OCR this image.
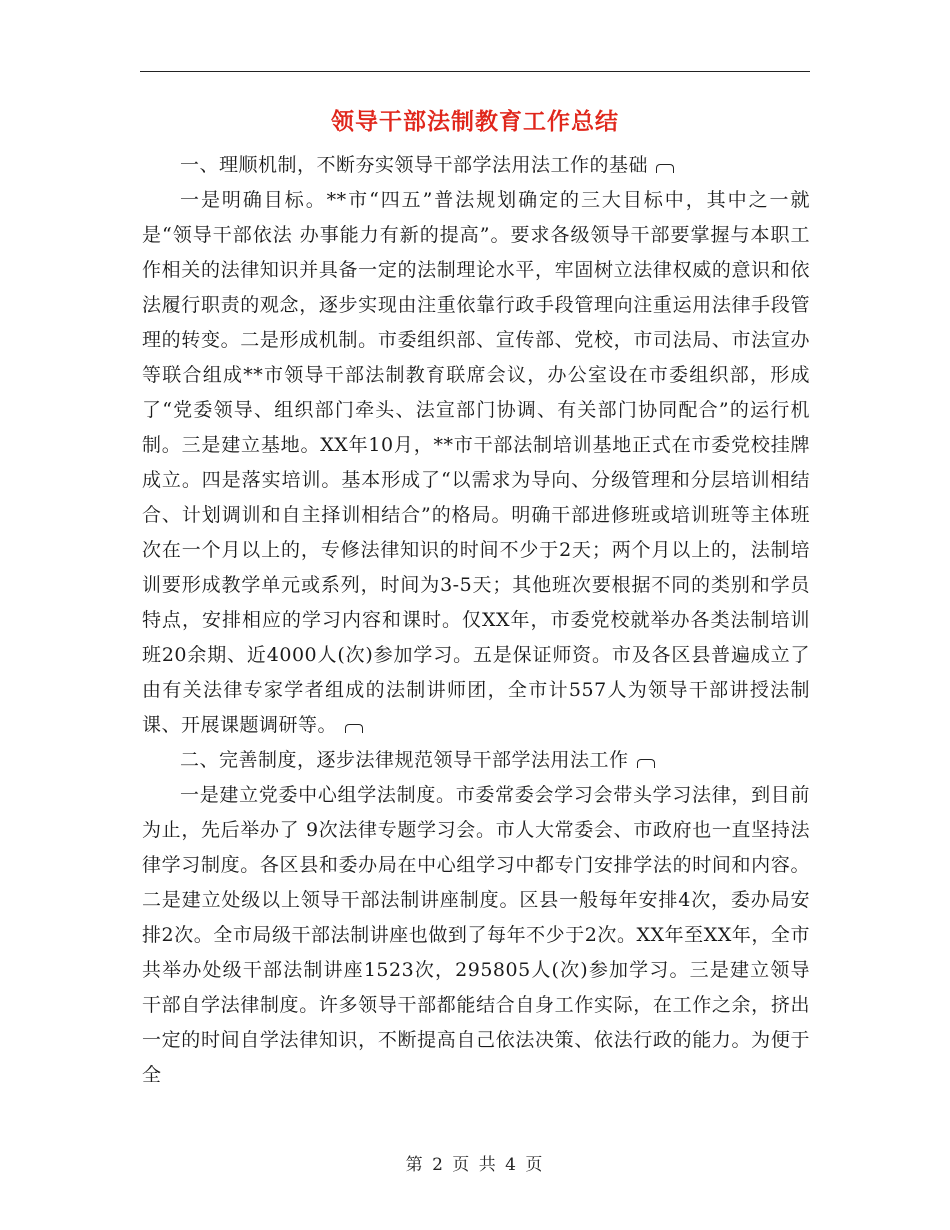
领导干部法制教育工作总结

一、理顺机制，不断夯实领导干部学法用法工作的基础

一是明确目标。**市“四五”普法规划确定的三大目标中，其中之一就是“领导干部依法 办事能力有新的提高”。要求各级领导干部要掌握与本职工作相关的法律知识并具备一定的法制理论水平，牢固树立法律权威的意识和依法履行职责的观念，逐步实现由注重依靠行政手段管理向注重运用法律手段管理的转变。二是形成机制。市委组织部、宣传部、党校，市司法局、市法宣办等联合组成**市领导干部法制教育联席会议，办公室设在市委组织部，形成了“党委领导、组织部门牵头、法宣部门协调、有关部门协同配合”的运行机制。三是建立基地。XX年10月，**市干部法制培训基地正式在市委党校挂牌成立。四是落实培训。基本形成了“以需求为导向、分级管理和分层培训相结合、计划调训和自主择训相结合”的格局。明确干部进修班或培训班等主体班次在一个月以上的，专修法律知识的时间不少于2天；两个月以上的，法制培训要形成教学单元或系列，时间为3-5天；其他班次要根据不同的类别和学员特点，安排相应的学习内容和课时。仅XX年，市委党校就举办各类法制培训班20余期、近4000人(次)参加学习。五是保证师资。市及各区县普遍成立了由有关法律专家学者组成的法制讲师团，全市计557人为领导干部讲授法制课、开展课题调研等。

二、完善制度，逐步法律规范领导干部学法用法工作

一是建立党委中心组学法制度。市委常委会学习会带头学习法律，到目前为止，先后举办了 9次法律专题学习会。市人大常委会、市政府也一直坚持法律学习制度。各区县和委办局在中心组学习中都专门安排学法的时间和内容。二是建立处级以上领导干部法制讲座制度。区县一般每年安排4次，委办局安排2次。全市局级干部法制讲座也做到了每年不少于2次。XX年至XX年，全市共举办处级干部法制讲座1523次，295805人(次)参加学习。三是建立领导干部自学法律制度。许多领导干部都能结合自身工作实际，在工作之余，挤出一定的时间自学法律知识，不断提高自己依法决策、依法行政的能力。为便于全

第 2 页 共 4 页
